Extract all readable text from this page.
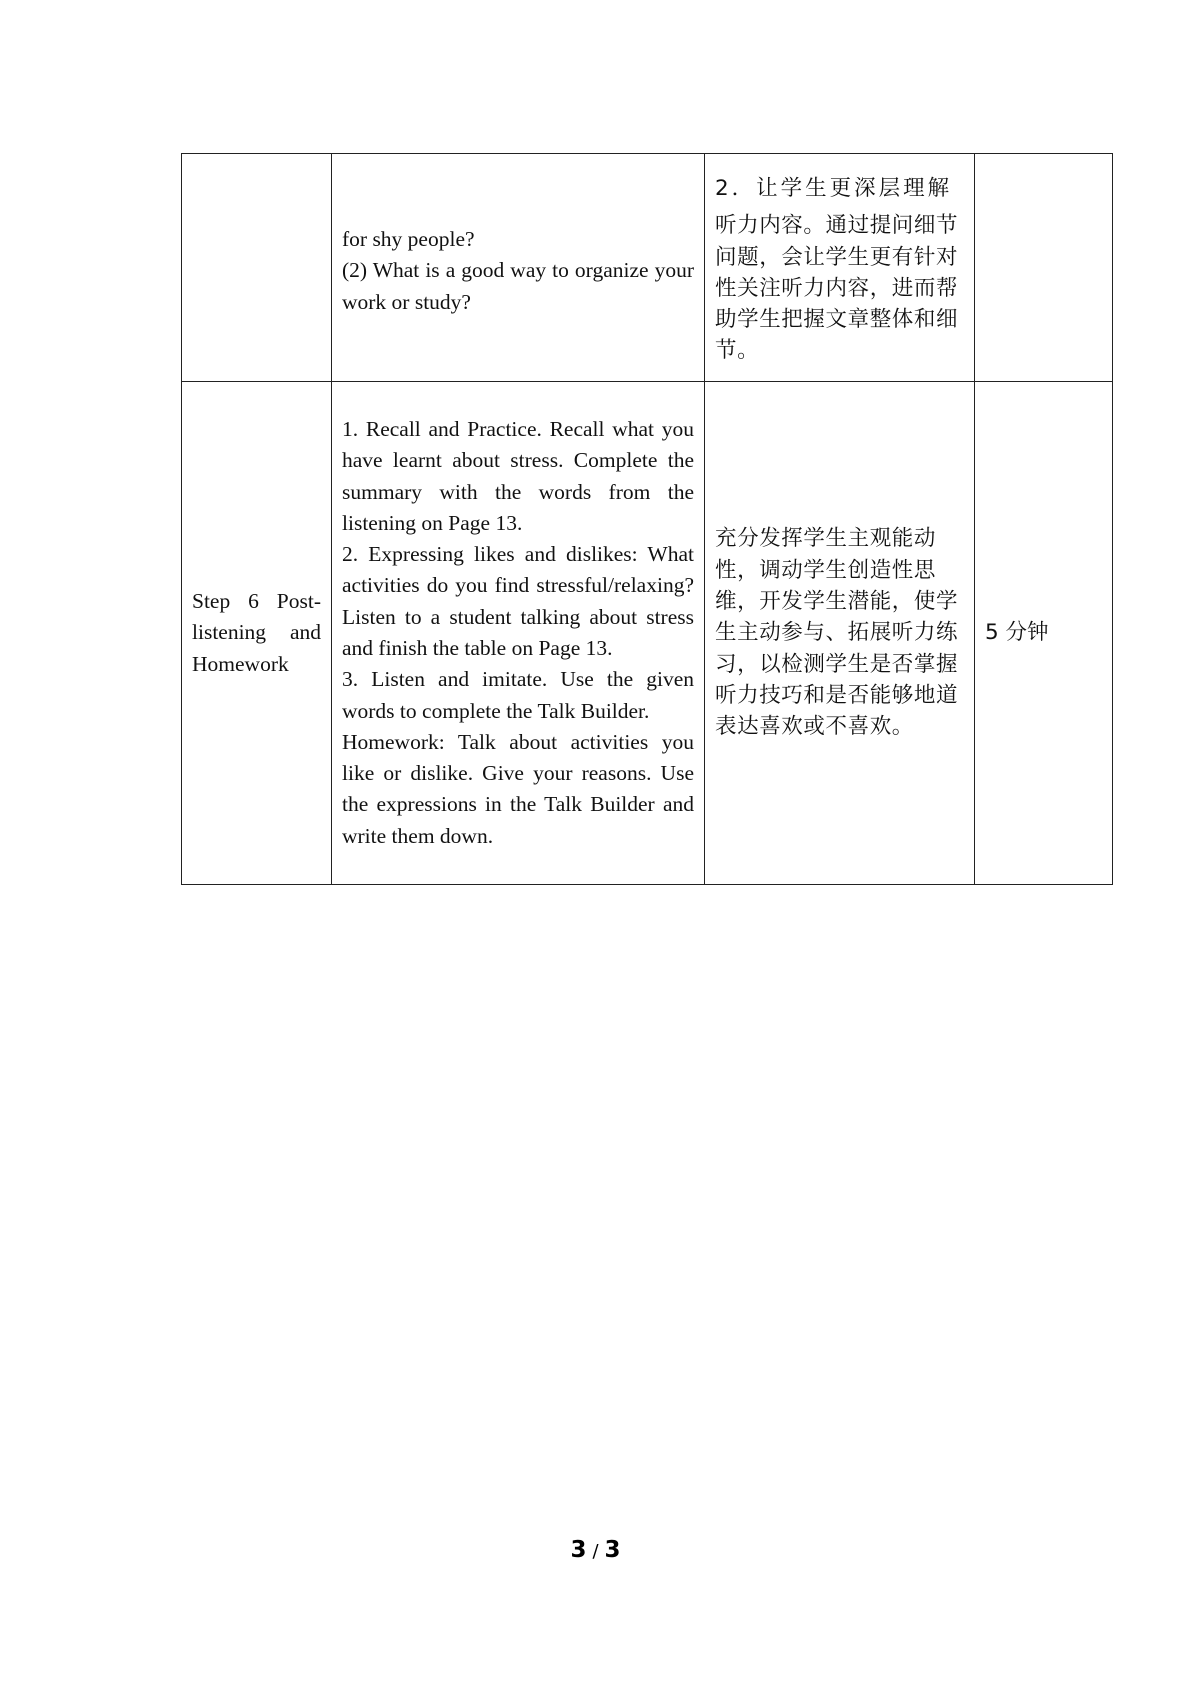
	for shy people?
(2) What is a good way to organize your work or study?	2．让学生更深层理解
听力内容。通过提问细节问题，会让学生更有针对性关注听力内容，进而帮助学生把握文章整体和细节。	

Step 6 Post-listening and Homework	1. Recall and Practice. Recall what you have learnt about stress. Complete the summary with the words from the listening on Page 13.
2. Expressing likes and dislikes: What activities do you find stressful/relaxing? Listen to a student talking about stress and finish the table on Page 13.
3. Listen and imitate. Use the given words to complete the Talk Builder.
Homework: Talk about activities you like or dislike. Give your reasons. Use the expressions in the Talk Builder and write them down.	充分发挥学生主观能动性，调动学生创造性思维，开发学生潜能，使学生主动参与、拓展听力练习，以检测学生是否掌握听力技巧和是否能够地道表达喜欢或不喜欢。	5 分钟
3 / 3
